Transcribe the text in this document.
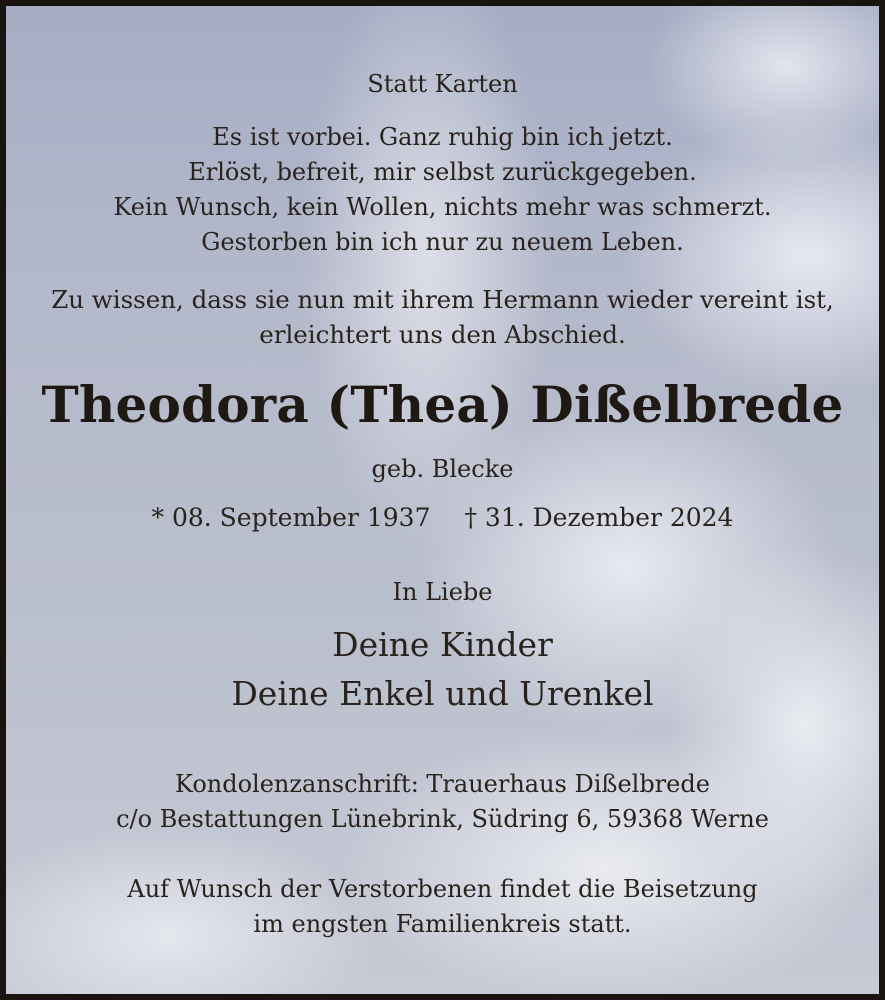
Statt Karten
Es ist vorbei. Ganz ruhig bin ich jetzt.
Erlöst, befreit, mir selbst zurückgegeben.
Kein Wunsch, kein Wollen, nichts mehr was schmerzt.
Gestorben bin ich nur zu neuem Leben.
Zu wissen, dass sie nun mit ihrem Hermann wieder vereint ist,
erleichtert uns den Abschied.
Theodora (Thea) Dißelbrede
geb. Blecke
* 08. September 1937 † 31. Dezember 2024
In Liebe
Deine Kinder
Deine Enkel und Urenkel
Kondolenzanschrift: Trauerhaus Dißelbrede
c/o Bestattungen Lünebrink, Südring 6, 59368 Werne
Auf Wunsch der Verstorbenen findet die Beisetzung
im engsten Familienkreis statt.
